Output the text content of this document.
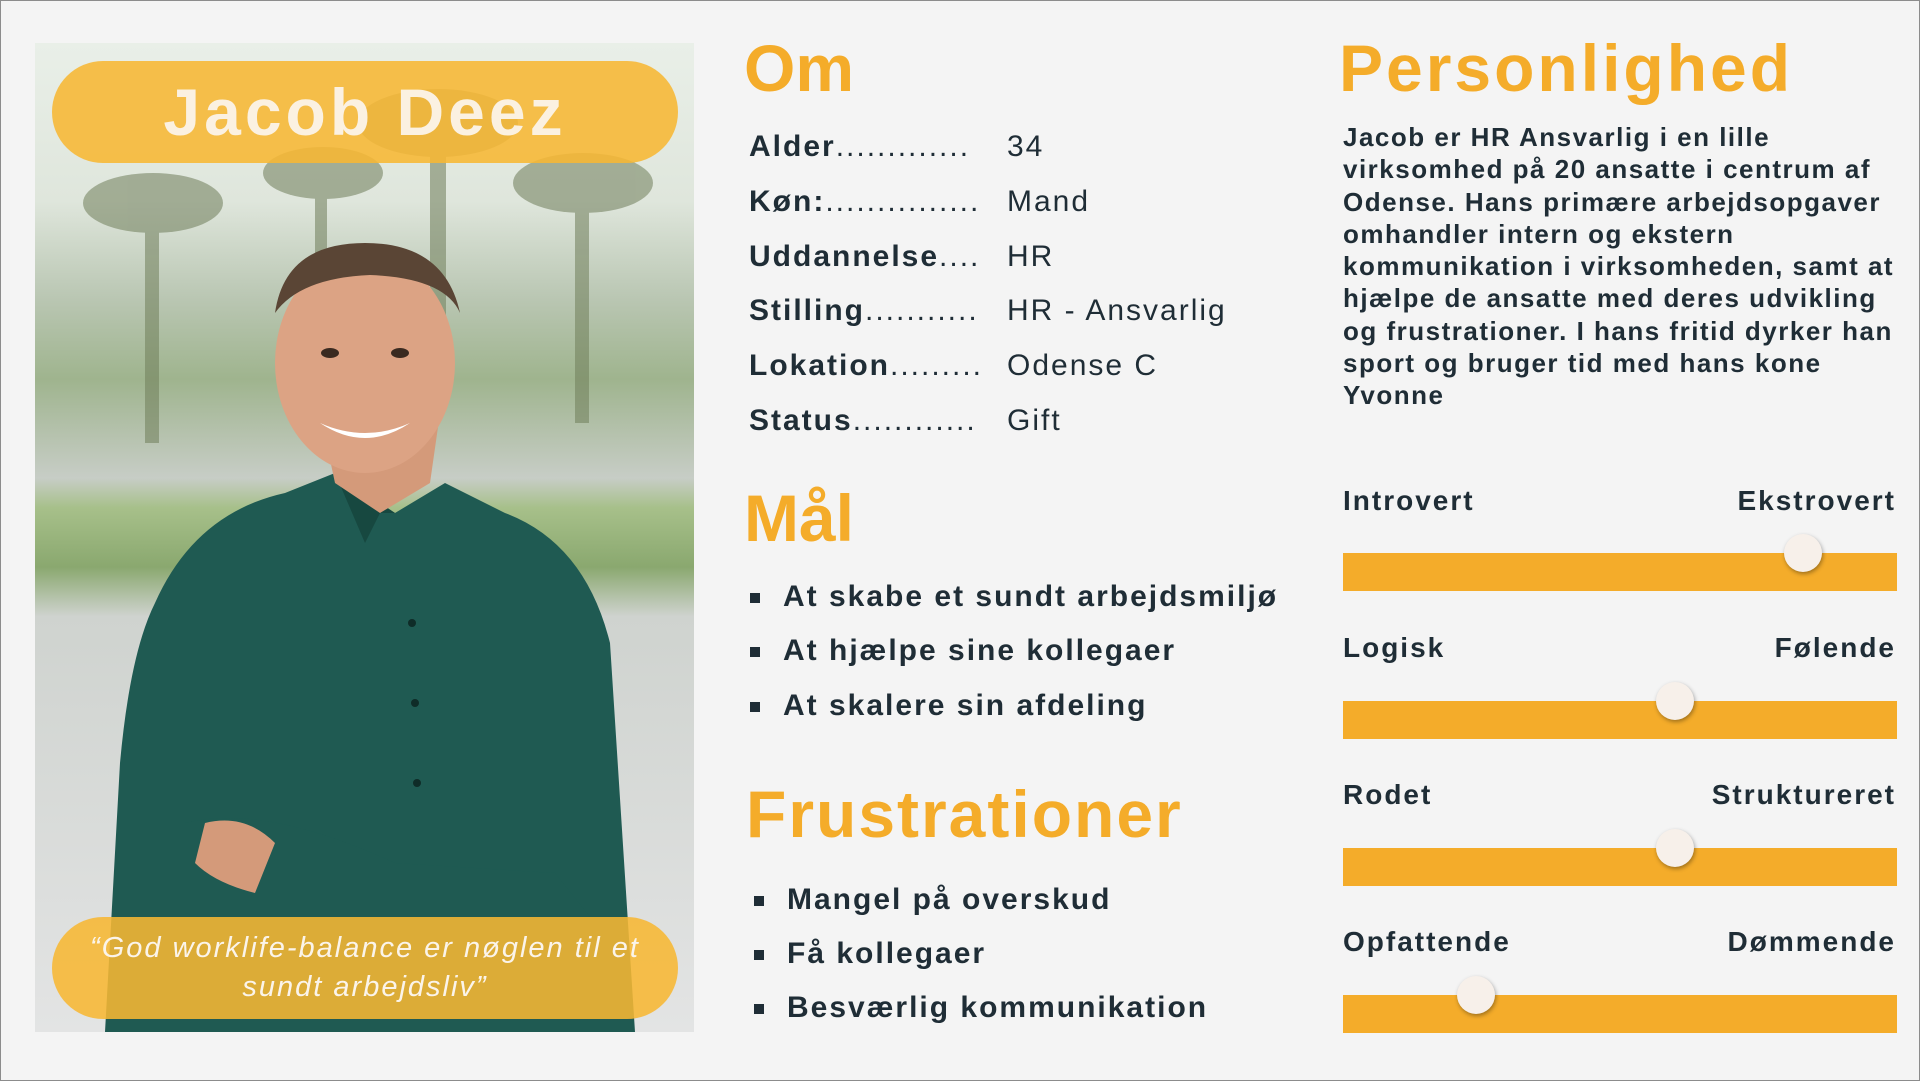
Jacob Deez
“God worklife-balance er nøglen til et sundt arbejdsliv”
Om
Alder.............	34
Køn:............... Mand
Uddannelse.... HR
Stilling........... HR - Ansvarlig
Lokation......... Odense C
Status............	Gift
Mål
At skabe et sundt arbejdsmiljø
At hjælpe sine kollegaer
At skalere sin afdeling
Frustrationer
Mangel på overskud
Få kollegaer
Besværlig kommunikation
Personlighed
Jacob er HR Ansvarlig i en lille virksomhed på 20 ansatte i centrum af Odense. Hans primære arbejdsopgaver omhandler intern og ekstern kommunikation i virksomheden, samt at hjælpe de ansatte med deres udvikling og frustrationer. I hans fritid dyrker han sport og bruger tid med hans kone Yvonne
Introvert	Ekstrovert
Logisk	Følende
Rodet	Struktureret
Opfattende	Dømmende
